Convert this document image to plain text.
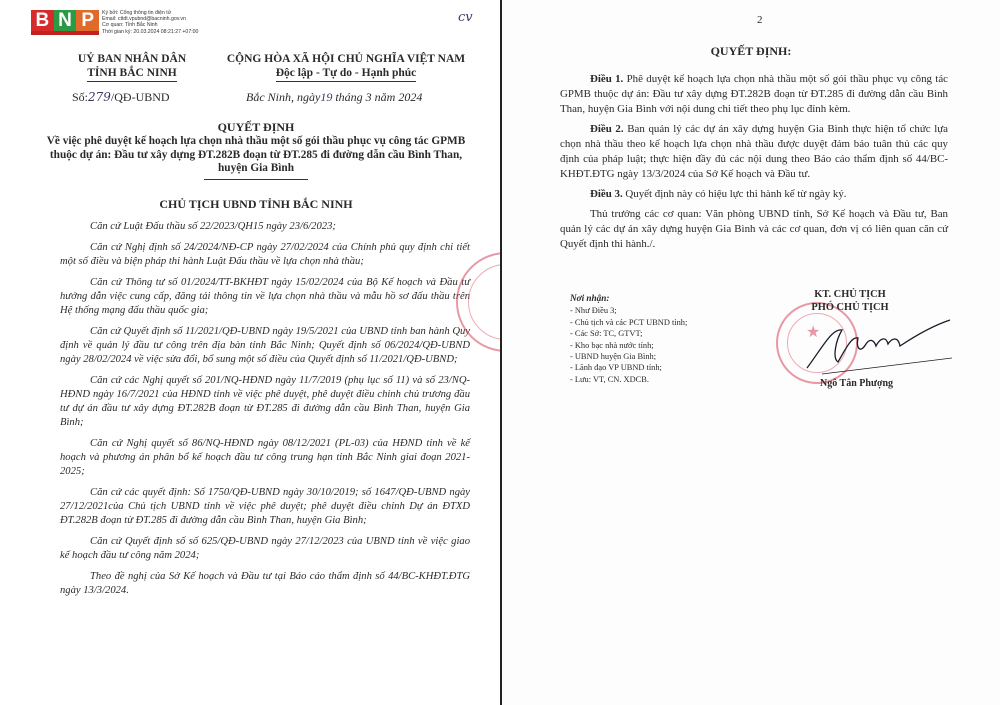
B N P	Ký bởi: Cổng thông tin điện tử
Email: cttdt.vpubnd@bacninh.gov.vn
Cơ quan: Tỉnh Bắc Ninh
Thời gian ký: 20.03.2024 08:21:27 +07:00
cv
UỶ BAN NHÂN DÂN
TỈNH BẮC NINH
CỘNG HÒA XÃ HỘI CHỦ NGHĨA VIỆT NAM
Độc lập - Tự do - Hạnh phúc
Số:279/QĐ-UBND	Bắc Ninh, ngày19 tháng 3 năm 2024
QUYẾT ĐỊNH
Về việc phê duyệt kế hoạch lựa chọn nhà thầu một số gói thầu phục vụ công tác GPMB thuộc dự án: Đầu tư xây dựng ĐT.282B đoạn từ ĐT.285 đi đường dẫn cầu Bình Than, huyện Gia Bình
CHỦ TỊCH UBND TỈNH BẮC NINH

Căn cứ Luật Đấu thầu số 22/2023/QH15 ngày 23/6/2023;

Căn cứ Nghị định số 24/2024/NĐ-CP ngày 27/02/2024 của Chính phủ quy định chi tiết một số điều và biện pháp thi hành Luật Đấu thầu về lựa chọn nhà thầu;

Căn cứ Thông tư số 01/2024/TT-BKHĐT ngày 15/02/2024 của Bộ Kế hoạch và Đầu tư hướng dẫn việc cung cấp, đăng tải thông tin về lựa chọn nhà thầu và mẫu hồ sơ đấu thầu trên Hệ thống mạng đấu thầu quốc gia;

Căn cứ Quyết định số 11/2021/QĐ-UBND ngày 19/5/2021 của UBND tỉnh ban hành Quy định về quản lý đầu tư công trên địa bàn tỉnh Bắc Ninh; Quyết định số 06/2024/QĐ-UBND ngày 28/02/2024 về việc sửa đổi, bổ sung một số điều của Quyết định số 11/2021/QĐ-UBND;

Căn cứ các Nghị quyết số 201/NQ-HĐND ngày 11/7/2019 (phụ lục số 11) và số 23/NQ-HĐND ngày 16/7/2021 của HĐND tỉnh về việc phê duyệt, phê duyệt điều chỉnh chủ trương đầu tư dự án đầu tư xây dựng ĐT.282B đoạn từ ĐT.285 đi đường dẫn cầu Bình Than, huyện Gia Bình;

Căn cứ Nghị quyết số 86/NQ-HĐND ngày 08/12/2021 (PL-03) của HĐND tỉnh về kế hoạch và phương án phân bổ kế hoạch đầu tư công trung hạn tỉnh Bắc Ninh giai đoạn 2021-2025;

Căn cứ các quyết định: Số 1750/QĐ-UBND ngày 30/10/2019; số 1647/QĐ-UBND ngày 27/12/2021của Chủ tịch UBND tỉnh về việc phê duyệt; phê duyệt điều chỉnh Dự án ĐTXD ĐT.282B đoạn từ ĐT.285 đi đường dẫn cầu Bình Than, huyện Gia Bình;

Căn cứ Quyết định số số 625/QĐ-UBND ngày 27/12/2023 của UBND tỉnh về việc giao kế hoạch đầu tư công năm 2024;

Theo đề nghị của Sở Kế hoạch và Đầu tư tại Báo cáo thẩm định số 44/BC-KHĐT.ĐTG ngày 13/3/2024.

2
QUYẾT ĐỊNH:

Điều 1. Phê duyệt kế hoạch lựa chọn nhà thầu một số gói thầu phục vụ công tác GPMB thuộc dự án: Đầu tư xây dựng ĐT.282B đoạn từ ĐT.285 đi đường dẫn cầu Bình Than, huyện Gia Bình với nội dung chi tiết theo phụ lục đính kèm.

Điều 2. Ban quản lý các dự án xây dựng huyện Gia Bình thực hiện tổ chức lựa chọn nhà thầu theo kế hoạch lựa chọn nhà thầu được duyệt đảm bảo tuân thủ các quy định của pháp luật; thực hiện đầy đủ các nội dung theo Báo cáo thẩm định số 44/BC-KHĐT.ĐTG ngày 13/3/2024 của Sở Kế hoạch và Đầu tư.

Điều 3. Quyết định này có hiệu lực thi hành kể từ ngày ký.

Thủ trưởng các cơ quan: Văn phòng UBND tỉnh, Sở Kế hoạch và Đầu tư, Ban quản lý các dự án xây dựng huyện Gia Bình và các cơ quan, đơn vị có liên quan căn cứ Quyết định thi hành./.

Nơi nhận:
- Như Điều 3;
- Chủ tịch và các PCT UBND tỉnh;
- Các Sở: TC, GTVT;
- Kho bạc nhà nước tỉnh;
- UBND huyện Gia Bình;
- Lãnh đạo VP UBND tỉnh;
- Lưu: VT, CN. XDCB.
★
KT. CHỦ TỊCH
PHÓ CHỦ TỊCH
Ngô Tân Phượng
